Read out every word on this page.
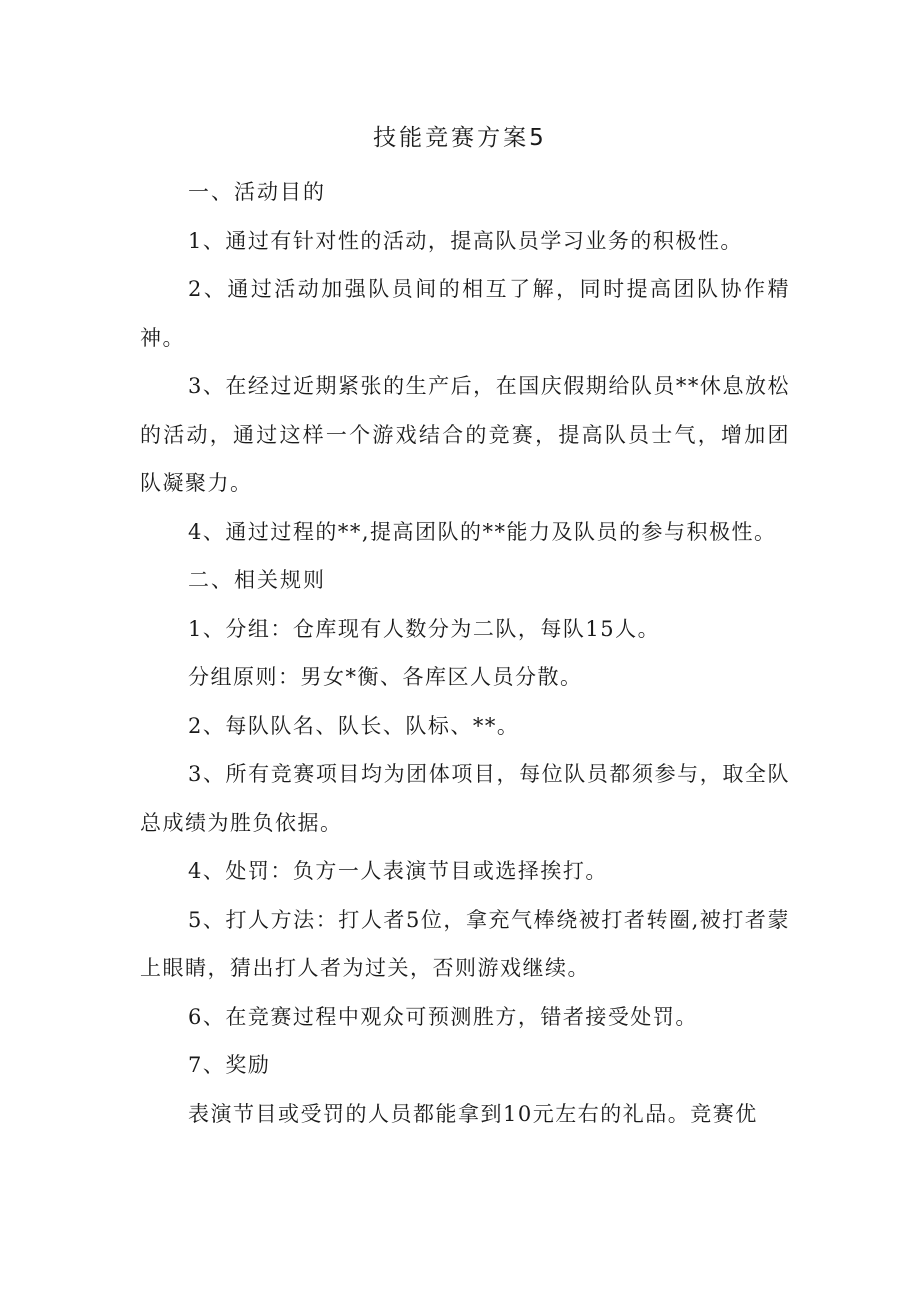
技能竞赛方案5

一、活动目的

1、通过有针对性的活动，提高队员学习业务的积极性。

2、通过活动加强队员间的相互了解，同时提高团队协作精神。

3、在经过近期紧张的生产后，在国庆假期给队员**休息放松的活动，通过这样一个游戏结合的竞赛，提高队员士气，增加团队凝聚力。

4、通过过程的**,提高团队的**能力及队员的参与积极性。

二、相关规则

1、分组：仓库现有人数分为二队，每队15人。

分组原则：男女*衡、各库区人员分散。

2、每队队名、队长、队标、**。

3、所有竞赛项目均为团体项目，每位队员都须参与，取全队总成绩为胜负依据。

4、处罚：负方一人表演节目或选择挨打。

5、打人方法：打人者5位，拿充气棒绕被打者转圈,被打者蒙上眼睛，猜出打人者为过关，否则游戏继续。

6、在竞赛过程中观众可预测胜方，错者接受处罚。

7、奖励

表演节目或受罚的人员都能拿到10元左右的礼品。竞赛优
